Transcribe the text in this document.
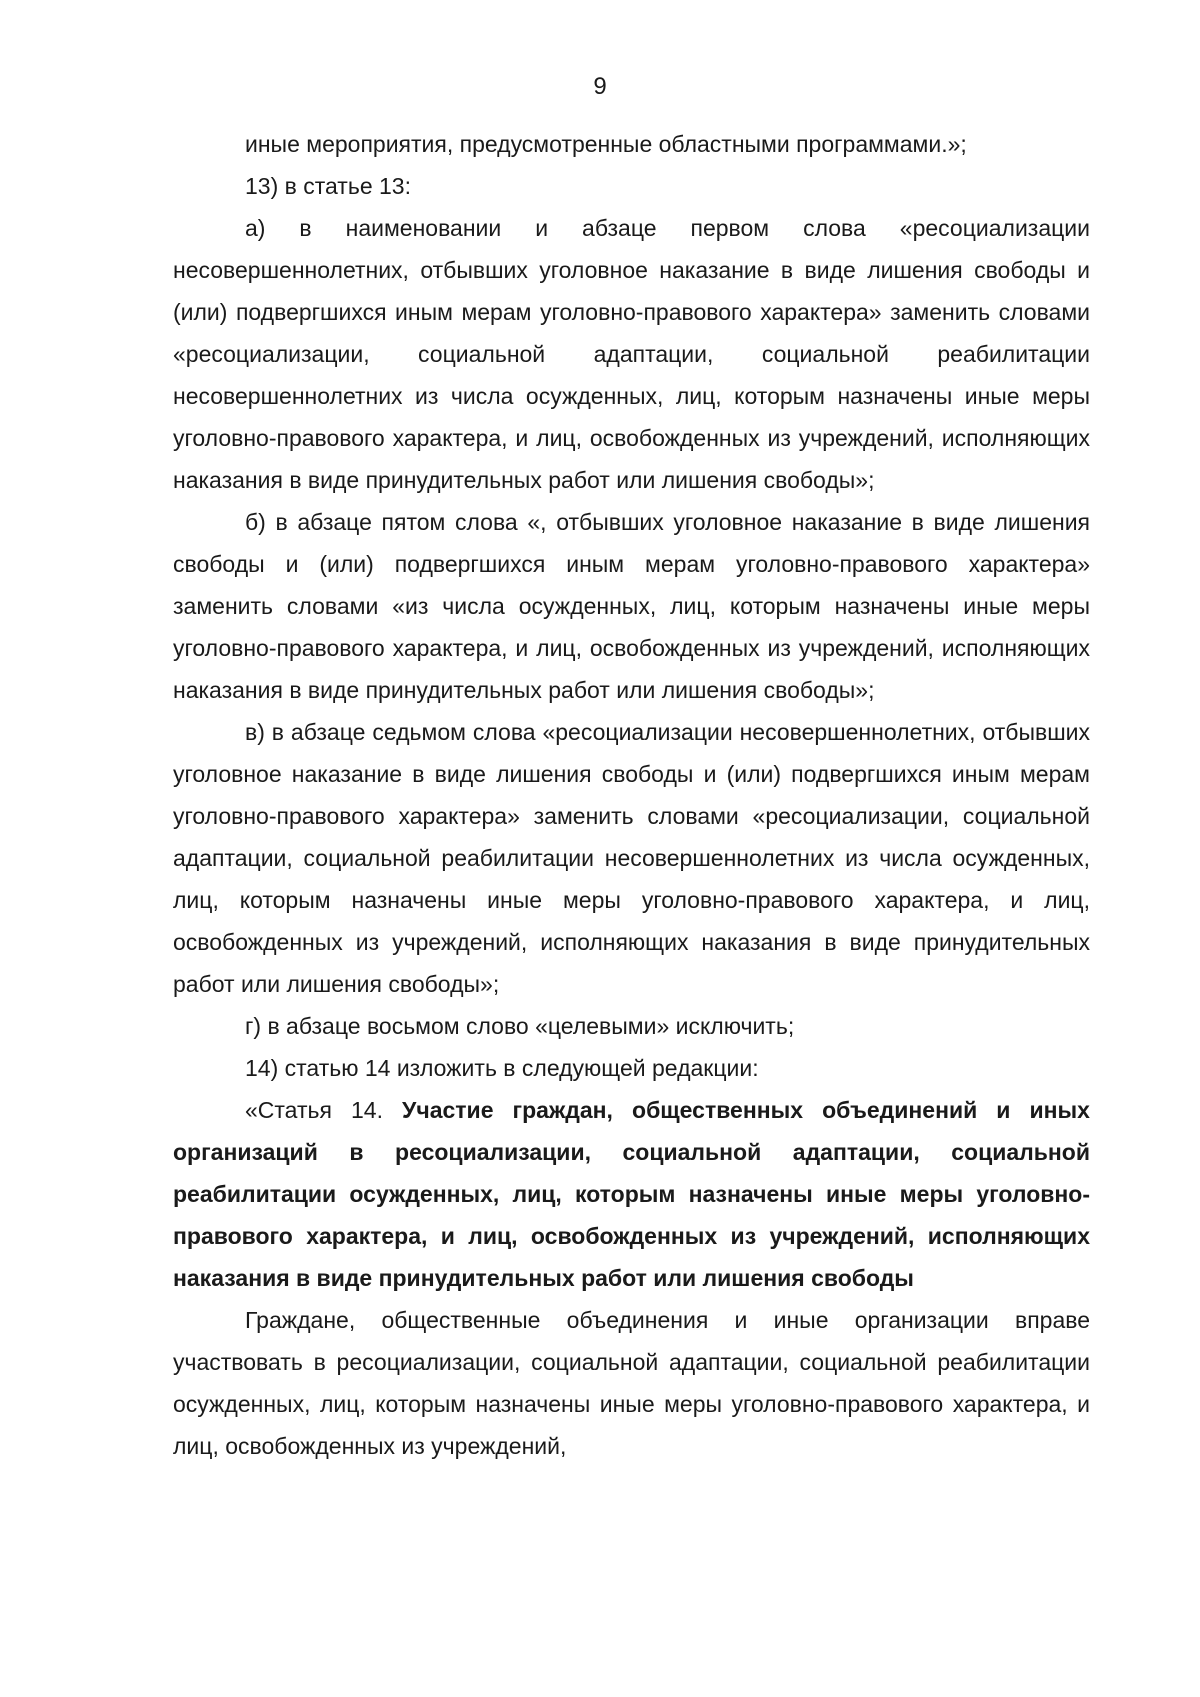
9

иные мероприятия, предусмотренные областными программами.»;

13) в статье 13:

а) в наименовании и абзаце первом слова «ресоциализации несовершеннолетних, отбывших уголовное наказание в виде лишения свободы и (или) подвергшихся иным мерам уголовно-правового характера» заменить словами «ресоциализации, социальной адаптации, социальной реабилитации несовершеннолетних из числа осужденных, лиц, которым назначены иные меры уголовно-правового характера, и лиц, освобожденных из учреждений, исполняющих наказания в виде принудительных работ или лишения свободы»;

б) в абзаце пятом слова «, отбывших уголовное наказание в виде лишения свободы и (или) подвергшихся иным мерам уголовно-правового характера» заменить словами «из числа осужденных, лиц, которым назначены иные меры уголовно-правового характера, и лиц, освобожденных из учреждений, исполняющих наказания в виде принудительных работ или лишения свободы»;

в) в абзаце седьмом слова «ресоциализации несовершеннолетних, отбывших уголовное наказание в виде лишения свободы и (или) подвергшихся иным мерам уголовно-правового характера» заменить словами «ресоциализации, социальной адаптации, социальной реабилитации несовершеннолетних из числа осужденных, лиц, которым назначены иные меры уголовно-правового характера, и лиц, освобожденных из учреждений, исполняющих наказания в виде принудительных работ или лишения свободы»;

г) в абзаце восьмом слово «целевыми» исключить;

14) статью 14 изложить в следующей редакции:

«Статья 14. Участие граждан, общественных объединений и иных организаций в ресоциализации, социальной адаптации, социальной реабилитации осужденных, лиц, которым назначены иные меры уголовно-правового характера, и лиц, освобожденных из учреждений, исполняющих наказания в виде принудительных работ или лишения свободы

Граждане, общественные объединения и иные организации вправе участвовать в ресоциализации, социальной адаптации, социальной реабилитации осужденных, лиц, которым назначены иные меры уголовно-правового характера, и лиц, освобожденных из учреждений,
